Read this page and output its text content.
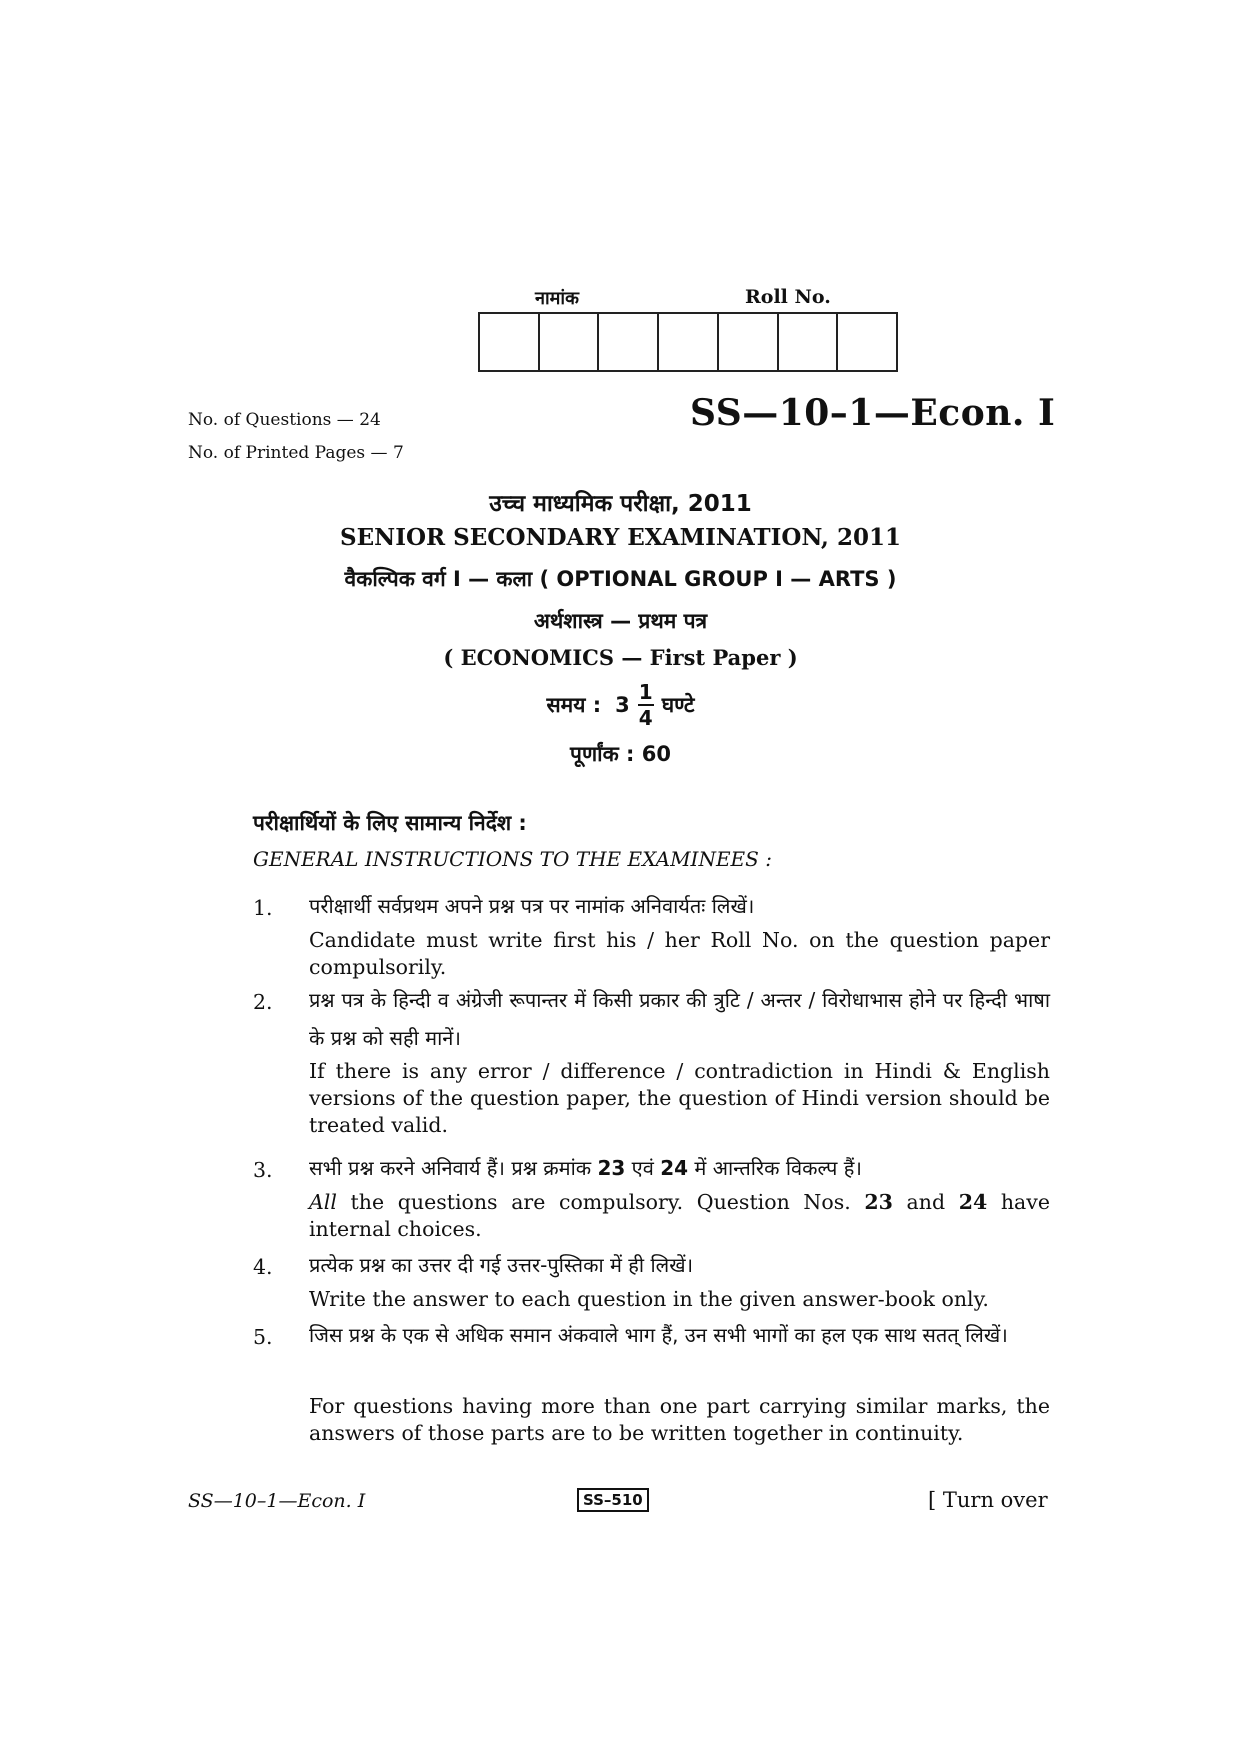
नामांक	Roll No.
No. of Questions — 24
No. of Printed Pages — 7
SS—10–1—Econ. I
उच्च माध्यमिक परीक्षा, 2011
SENIOR SECONDARY EXAMINATION, 2011
वैकल्पिक वर्ग I — कला ( OPTIONAL GROUP I — ARTS )
अर्थशास्त्र — प्रथम पत्र
( ECONOMICS — First Paper )
समय : $3 \frac{1}{4}$ घण्टे
पूर्णांक : 60
परीक्षार्थियों के लिए सामान्य निर्देश :
GENERAL INSTRUCTIONS TO THE EXAMINEES :
1.	परीक्षार्थी सर्वप्रथम अपने प्रश्न पत्र पर नामांक अनिवार्यतः लिखें।
Candidate must write first his / her Roll No. on the question paper compulsorily.
2.	प्रश्न पत्र के हिन्दी व अंग्रेजी रूपान्तर में किसी प्रकार की त्रुटि / अन्तर / विरोधाभास होने पर हिन्दी भाषा के प्रश्न को सही मानें।
If there is any error / difference / contradiction in Hindi & English versions of the question paper, the question of Hindi version should be treated valid.
3.	सभी प्रश्न करने अनिवार्य हैं। प्रश्न क्रमांक 23 एवं 24 में आन्तरिक विकल्प हैं।
All the questions are compulsory. Question Nos. 23 and 24 have internal choices.
4.	प्रत्येक प्रश्न का उत्तर दी गई उत्तर-पुस्तिका में ही लिखें।
Write the answer to each question in the given answer-book only.
5.	जिस प्रश्न के एक से अधिक समान अंकवाले भाग हैं, उन सभी भागों का हल एक साथ सतत् लिखें।
For questions having more than one part carrying similar marks, the answers of those parts are to be written together in continuity.
SS—10–1—Econ. I	SS–510	[ Turn over
